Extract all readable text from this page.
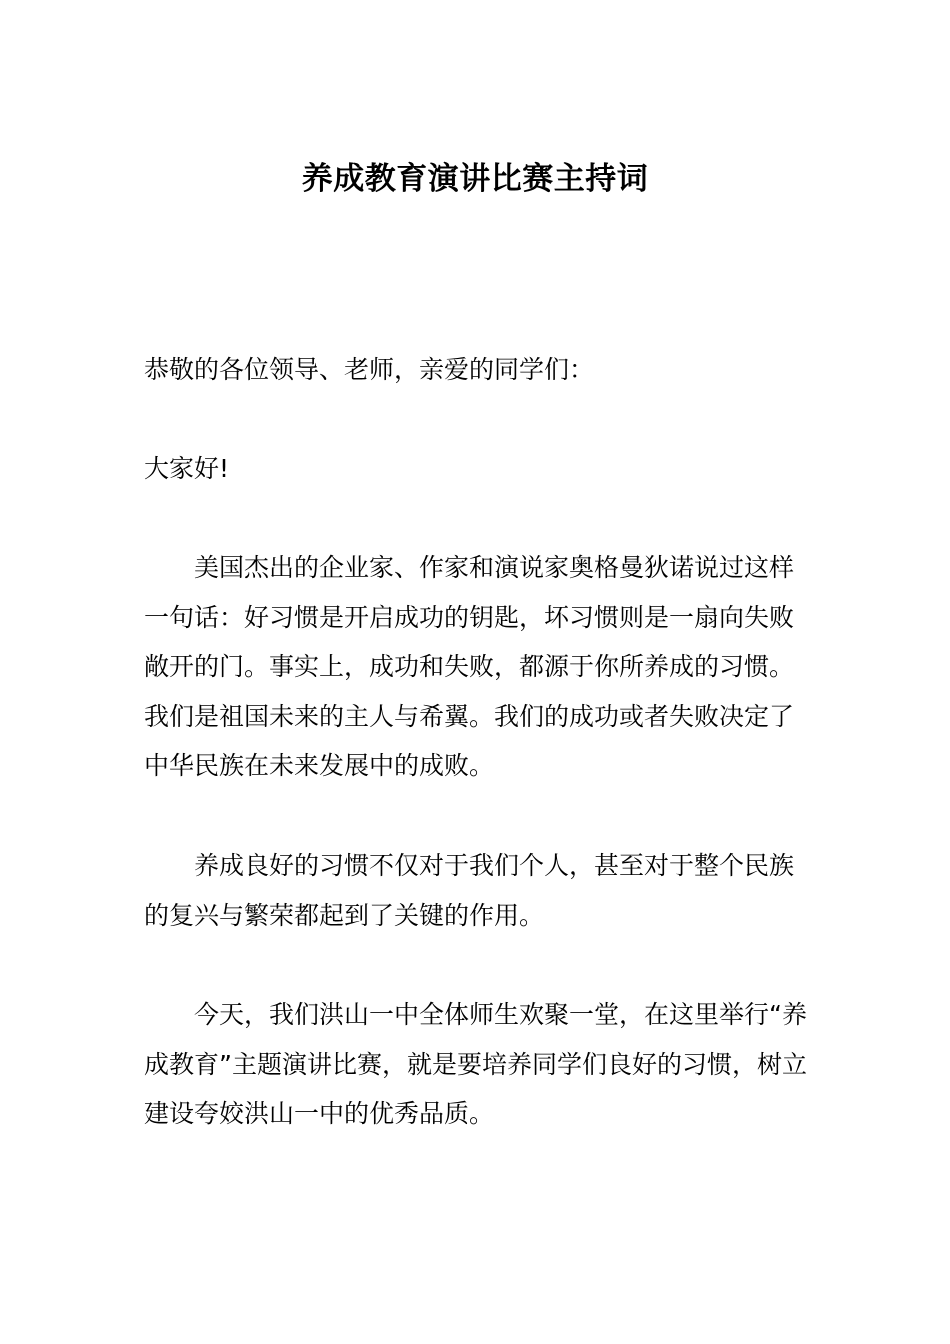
养成教育演讲比赛主持词

恭敬的各位领导、老师，亲爱的同学们：

大家好!

美国杰出的企业家、作家和演说家奥格曼狄诺说过这样一句话：好习惯是开启成功的钥匙，坏习惯则是一扇向失败敞开的门。事实上，成功和失败，都源于你所养成的习惯。我们是祖国未来的主人与希翼。我们的成功或者失败决定了中华民族在未来发展中的成败。

养成良好的习惯不仅对于我们个人，甚至对于整个民族的复兴与繁荣都起到了关键的作用。

今天，我们洪山一中全体师生欢聚一堂，在这里举行“养成教育”主题演讲比赛，就是要培养同学们良好的习惯，树立建设夸姣洪山一中的优秀品质。
